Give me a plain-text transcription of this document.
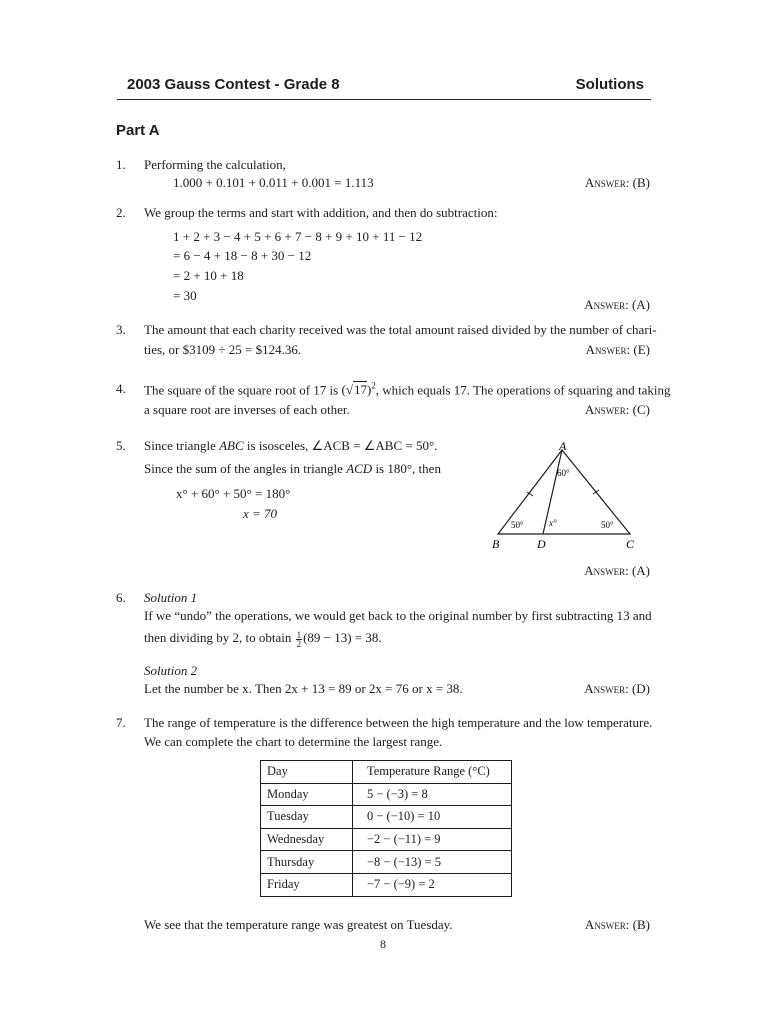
2003 Gauss Contest - Grade 8	Solutions
Part A
1. Performing the calculation,
1.000 + 0.101 + 0.011 + 0.001 = 1.113	Answer: (B)
2. We group the terms and start with addition, and then do subtraction:
1 + 2 + 3 − 4 + 5 + 6 + 7 − 8 + 9 + 10 + 11 − 12
= 6 − 4 + 18 − 8 + 30 − 12
= 2 + 10 + 18
= 30
Answer: (A)
3. The amount that each charity received was the total amount raised divided by the number of chari-
ties, or $3109 ÷ 25 = $124.36.	Answer: (E)
4. The square of the square root of 17 is $(√17)^2$, which equals 17. The operations of squaring and taking
a square root are inverses of each other.	Answer: (C)
5. Since triangle ABC is isosceles, ∠ACB = ∠ABC = 50°.
Since the sum of the angles in triangle ACD is 180°, then
x° + 60° + 50° = 180°
x = 70
A
B	D	C
60°
50°	x°	50°
Answer: (A)
6. Solution 1
If we “undo” the operations, we would get back to the original number by first subtracting 13 and
then dividing by 2, to obtain $\frac{1}{2} (89 - 13) = 38$.
Solution 2
Let the number be x. Then 2x + 13 = 89 or 2x = 76 or x = 38.	Answer: (D)
7. The range of temperature is the difference between the high temperature and the low temperature.
We can complete the chart to determine the largest range.
Day	Temperature Range (°C)
Monday	5 − (−3) = 8
Tuesday	0 − (−10) = 10
Wednesday	−2 − (−11) = 9
Thursday	−8 − (−13) = 5
Friday	−7 − (−9) = 2
We see that the temperature range was greatest on Tuesday.	Answer: (B)
8
